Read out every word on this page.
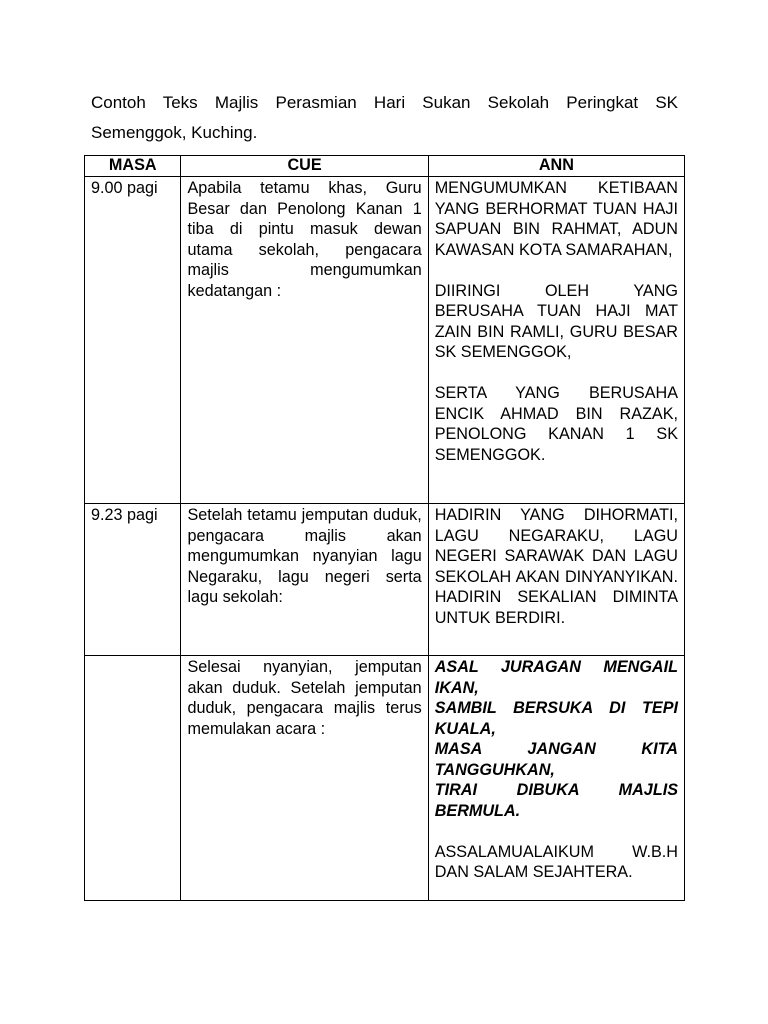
Contoh Teks Majlis Perasmian Hari Sukan Sekolah Peringkat SK Semenggok, Kuching.
MASA	CUE	ANN
9.00 pagi	Apabila tetamu khas, Guru Besar dan Penolong Kanan 1 tiba di pintu masuk dewan utama sekolah, pengacara majlis mengumumkan kedatangan :	MENGUMUMKAN KETIBAAN YANG BERHORMAT TUAN HAJI SAPUAN BIN RAHMAT, ADUN KAWASAN KOTA SAMARAHAN,

DIIRINGI OLEH YANG BERUSAHA TUAN HAJI MAT ZAIN BIN RAMLI, GURU BESAR SK SEMENGGOK,

SERTA YANG BERUSAHA ENCIK AHMAD BIN RAZAK, PENOLONG KANAN 1 SK SEMENGGOK.

9.23 pagi	Setelah tetamu jemputan duduk, pengacara majlis akan mengumumkan nyanyian lagu Negaraku, lagu negeri serta lagu sekolah:	HADIRIN YANG DIHORMATI, LAGU NEGARAKU, LAGU NEGERI SARAWAK DAN LAGU SEKOLAH AKAN DINYANYIKAN. HADIRIN SEKALIAN DIMINTA UNTUK BERDIRI.

	Selesai nyanyian, jemputan akan duduk. Setelah jemputan duduk, pengacara majlis terus memulakan acara :	ASAL JURAGAN MENGAIL IKAN,

SAMBIL BERSUKA DI TEPI KUALA,

MASA JANGAN KITA TANGGUHKAN,

TIRAI DIBUKA MAJLIS BERMULA.

ASSALAMUALAIKUM W.B.H DAN SALAM SEJAHTERA.
